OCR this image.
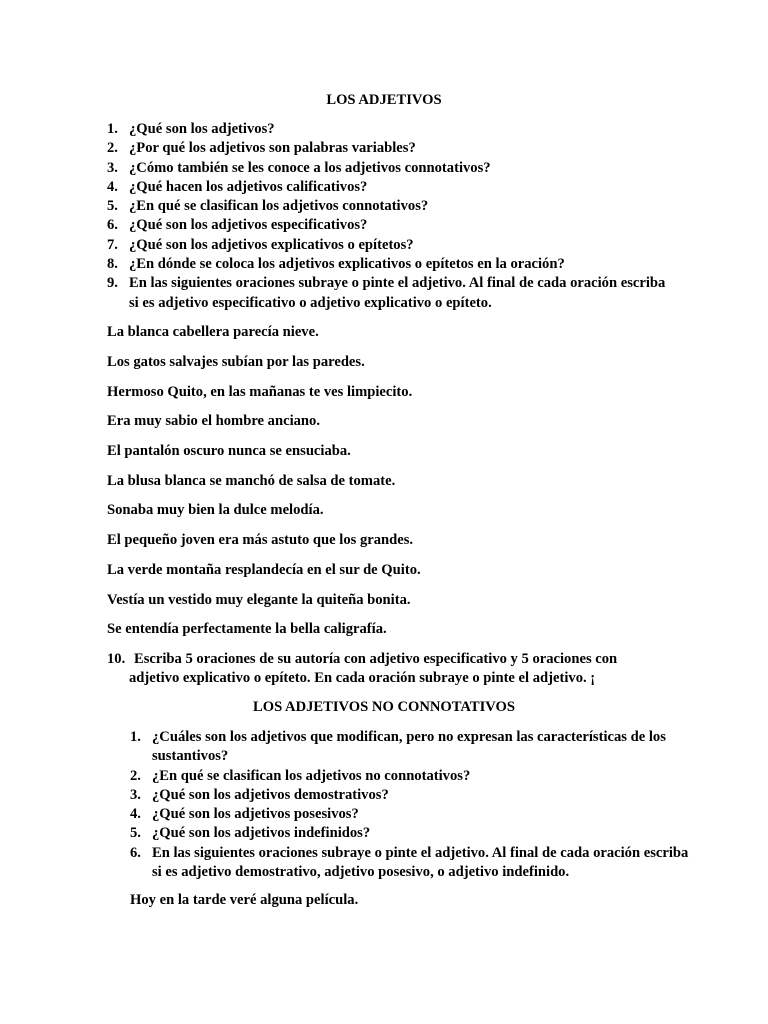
LOS ADJETIVOS
1. ¿Qué son los adjetivos?
2. ¿Por qué los adjetivos son palabras variables?
3. ¿Cómo también se les conoce a los adjetivos connotativos?
4. ¿Qué hacen los adjetivos calificativos?
5. ¿En qué se clasifican los adjetivos connotativos?
6. ¿Qué son los adjetivos especificativos?
7. ¿Qué son los adjetivos explicativos o epítetos?
8. ¿En dónde se coloca los adjetivos explicativos o epítetos en la oración?
9. En las siguientes oraciones subraye o pinte el adjetivo. Al final de cada oración escriba si es adjetivo especificativo o adjetivo explicativo o epíteto.

La blanca cabellera parecía nieve.

Los gatos salvajes subían por las paredes.

Hermoso Quito, en las mañanas te ves limpiecito.

Era muy sabio el hombre anciano.

El pantalón oscuro nunca se ensuciaba.

La blusa blanca se manchó de salsa de tomate.

Sonaba muy bien la dulce melodía.

El pequeño joven era más astuto que los grandes.

La verde montaña resplandecía en el sur de Quito.

Vestía un vestido muy elegante la quiteña bonita.

Se entendía perfectamente la bella caligrafía.

10. Escriba 5 oraciones de su autoría con adjetivo especificativo y 5 oraciones con adjetivo explicativo o epíteto. En cada oración subraye o pinte el adjetivo. ¡

LOS ADJETIVOS NO CONNOTATIVOS
1. ¿Cuáles son los adjetivos que modifican, pero no expresan las características de los sustantivos?
2. ¿En qué se clasifican los adjetivos no connotativos?
3. ¿Qué son los adjetivos demostrativos?
4. ¿Qué son los adjetivos posesivos?
5. ¿Qué son los adjetivos indefinidos?
6. En las siguientes oraciones subraye o pinte el adjetivo. Al final de cada oración escriba si es adjetivo demostrativo, adjetivo posesivo, o adjetivo indefinido.

Hoy en la tarde veré alguna película.
